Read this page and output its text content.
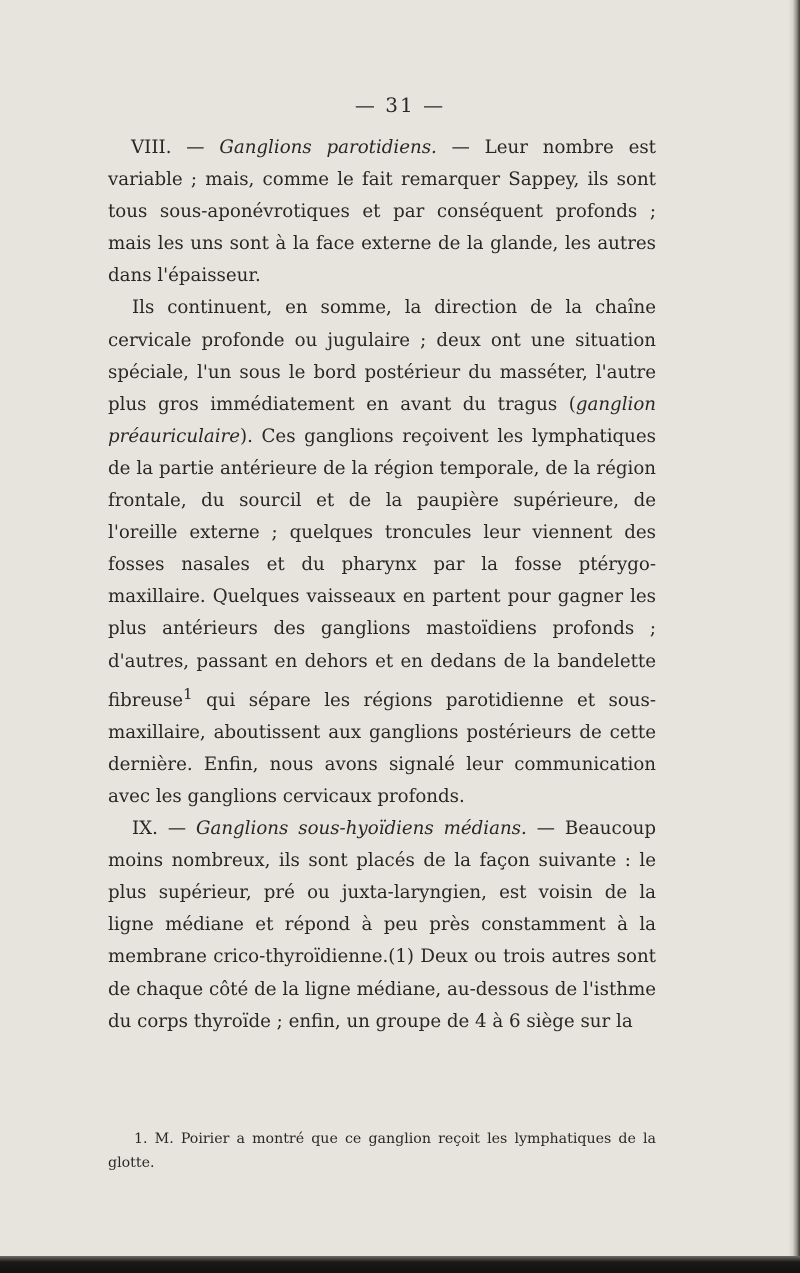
— 31 —

VIII. — Ganglions parotidiens. — Leur nombre est variable ; mais, comme le fait remarquer Sappey, ils sont tous sous-aponévrotiques et par conséquent profonds ; mais les uns sont à la face externe de la glande, les autres dans l'épaisseur.

Ils continuent, en somme, la direction de la chaîne cervicale profonde ou jugulaire ; deux ont une situation spéciale, l'un sous le bord postérieur du masséter, l'autre plus gros immédiatement en avant du tragus (ganglion préauriculaire). Ces ganglions reçoivent les lymphatiques de la partie antérieure de la région temporale, de la région frontale, du sourcil et de la paupière supérieure, de l'oreille externe ; quelques troncules leur viennent des fosses nasales et du pharynx par la fosse ptérygo-maxillaire. Quelques vaisseaux en partent pour gagner les plus antérieurs des ganglions mastoïdiens profonds ; d'autres, passant en dehors et en dedans de la bandelette fibreuse$^1$ qui sépare les régions parotidienne et sous-maxillaire, aboutissent aux ganglions postérieurs de cette dernière. Enfin, nous avons signalé leur communication avec les ganglions cervicaux profonds.

IX. — Ganglions sous-hyoïdiens médians. — Beaucoup moins nombreux, ils sont placés de la façon suivante : le plus supérieur, pré ou juxta-laryngien, est voisin de la ligne médiane et répond à peu près constamment à la membrane crico-thyroïdienne.(1) Deux ou trois autres sont de chaque côté de la ligne médiane, au-dessous de l'isthme du corps thyroïde ; enfin, un groupe de 4 à 6 siège sur la

1. M. Poirier a montré que ce ganglion reçoit les lymphatiques de la glotte.
